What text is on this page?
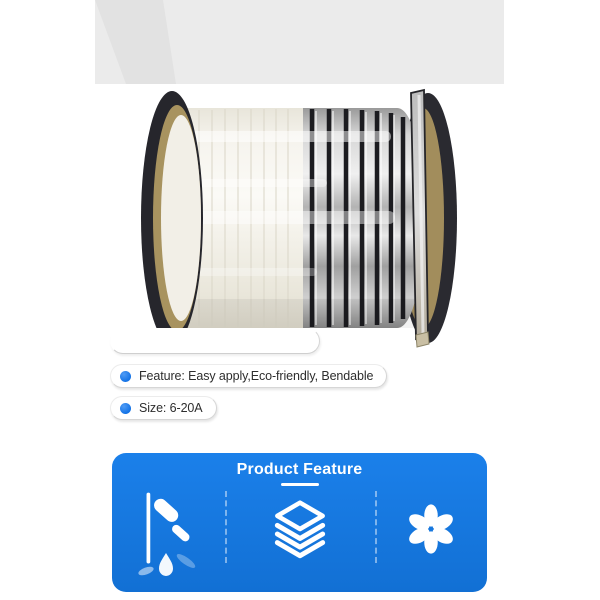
Feature: Easy apply,Eco-friendly, Bendable
Size: 6-20A
Product Feature
